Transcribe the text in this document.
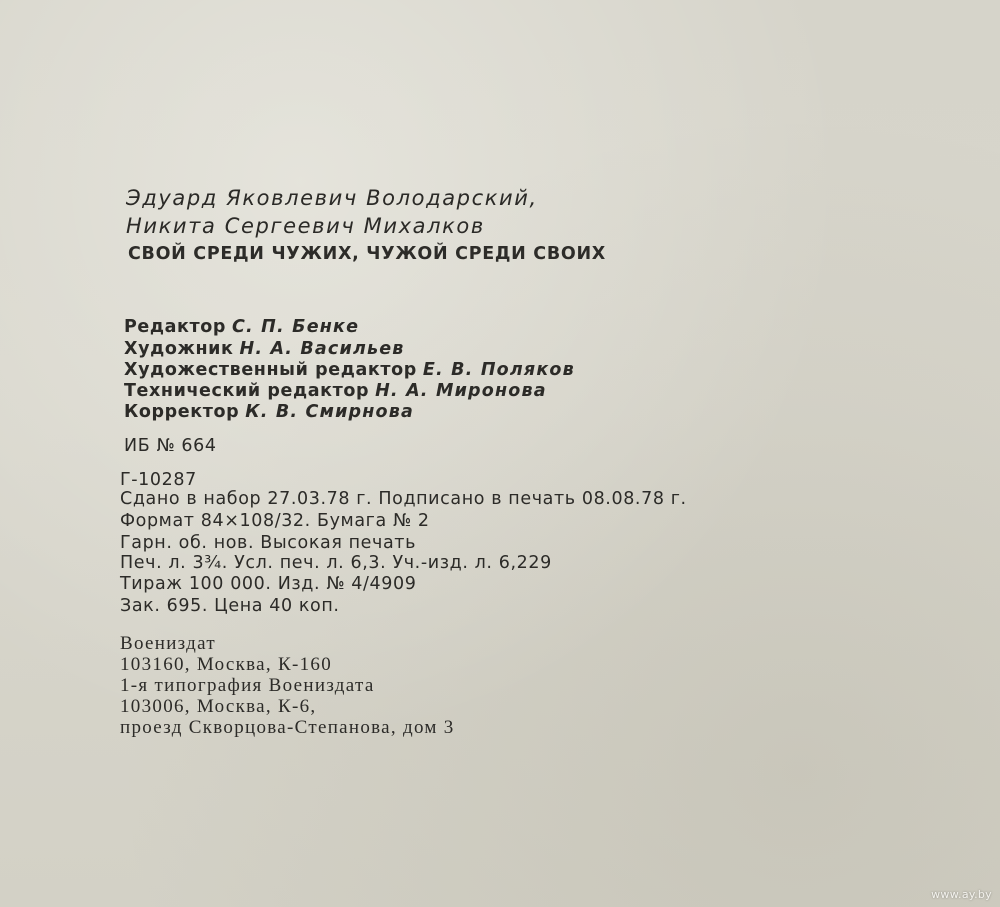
Эдуард Яковлевич Володарский,
Никита Сергеевич Михалков
СВОЙ СРЕДИ ЧУЖИХ, ЧУЖОЙ СРЕДИ СВОИХ
Редактор С. П. Бенке
Художник Н. А. Васильев
Художественный редактор Е. В. Поляков
Технический редактор Н. А. Миронова
Корректор К. В. Смирнова
ИБ № 664
Г-10287
Сдано в набор 27.03.78 г. Подписано в печать 08.08.78 г.
Формат 84×108/32. Бумага № 2
Гарн. об. нов. Высокая печать
Печ. л. 3¾. Усл. печ. л. 6,3. Уч.-изд. л. 6,229
Тираж 100 000. Изд. № 4/4909
Зак. 695. Цена 40 коп.
Воениздат
103160, Москва, К-160
1-я типография Воениздата
103006, Москва, К-6,
проезд Скворцова-Степанова, дом 3
www.ay.by
